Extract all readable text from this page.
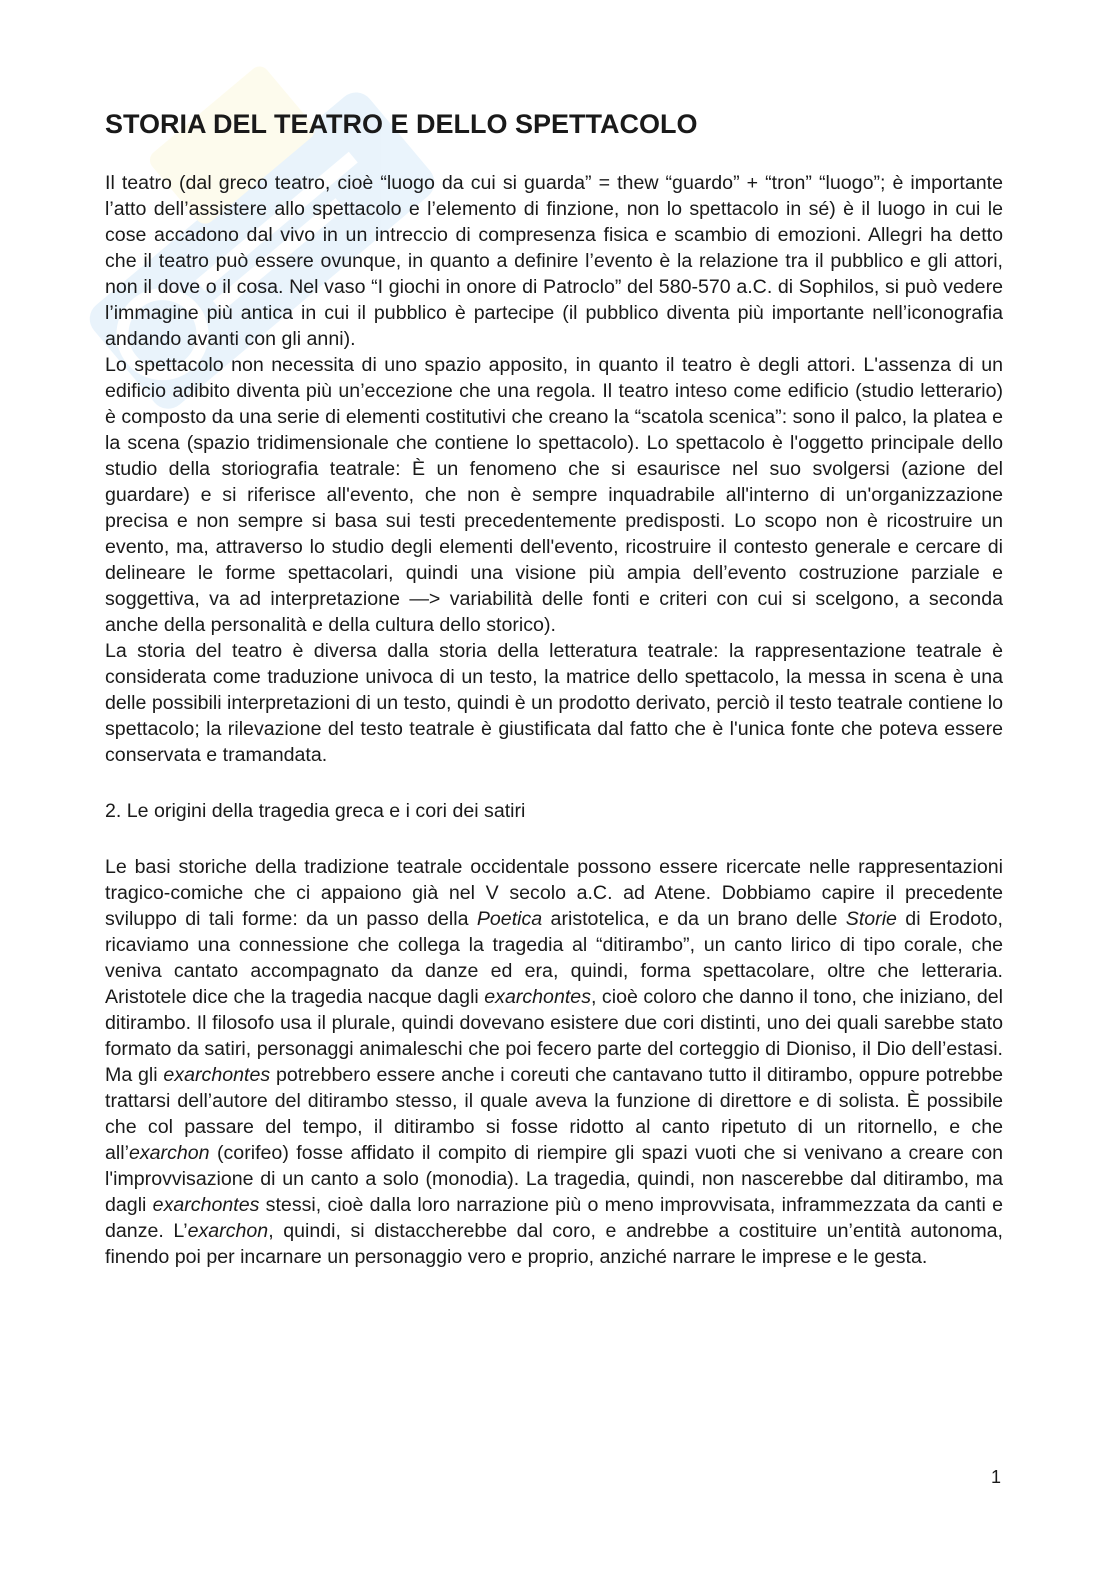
STORIA DEL TEATRO E DELLO SPETTACOLO

Il teatro (dal greco teatro, cioè “luogo da cui si guarda” = thew “guardo” + “tron” “luogo”; è importante l’atto dell’assistere allo spettacolo e l’elemento di finzione, non lo spettacolo in sé) è il luogo in cui le cose accadono dal vivo in un intreccio di compresenza fisica e scambio di emozioni. Allegri ha detto che il teatro può essere ovunque, in quanto a definire l’evento è la relazione tra il pubblico e gli attori, non il dove o il cosa. Nel vaso “I giochi in onore di Patroclo” del 580-570 a.C. di Sophilos, si può vedere l’immagine più antica in cui il pubblico è partecipe (il pubblico diventa più importante nell’iconografia andando avanti con gli anni).

Lo spettacolo non necessita di uno spazio apposito, in quanto il teatro è degli attori. L'assenza di un edificio adibito diventa più un’eccezione che una regola. Il teatro inteso come edificio (studio letterario) è composto da una serie di elementi costitutivi che creano la “scatola scenica”: sono il palco, la platea e la scena (spazio tridimensionale che contiene lo spettacolo). Lo spettacolo è l'oggetto principale dello studio della storiografia teatrale: È un fenomeno che si esaurisce nel suo svolgersi (azione del guardare) e si riferisce all'evento, che non è sempre inquadrabile all'interno di un'organizzazione precisa e non sempre si basa sui testi precedentemente predisposti. Lo scopo non è ricostruire un evento, ma, attraverso lo studio degli elementi dell'evento, ricostruire il contesto generale e cercare di delineare le forme spettacolari, quindi una visione più ampia dell’evento costruzione parziale e soggettiva, va ad interpretazione —> variabilità delle fonti e criteri con cui si scelgono, a seconda anche della personalità e della cultura dello storico).

La storia del teatro è diversa dalla storia della letteratura teatrale: la rappresentazione teatrale è considerata come traduzione univoca di un testo, la matrice dello spettacolo, la messa in scena è una delle possibili interpretazioni di un testo, quindi è un prodotto derivato, perciò il testo teatrale contiene lo spettacolo; la rilevazione del testo teatrale è giustificata dal fatto che è l'unica fonte che poteva essere conservata e tramandata.

2. Le origini della tragedia greca e i cori dei satiri

Le basi storiche della tradizione teatrale occidentale possono essere ricercate nelle rappresentazioni tragico-comiche che ci appaiono già nel V secolo a.C. ad Atene. Dobbiamo capire il precedente sviluppo di tali forme: da un passo della Poetica aristotelica, e da un brano delle Storie di Erodoto, ricaviamo una connessione che collega la tragedia al “ditirambo”, un canto lirico di tipo corale, che veniva cantato accompagnato da danze ed era, quindi, forma spettacolare, oltre che letteraria. Aristotele dice che la tragedia nacque dagli exarchontes, cioè coloro che danno il tono, che iniziano, del ditirambo. Il filosofo usa il plurale, quindi dovevano esistere due cori distinti, uno dei quali sarebbe stato formato da satiri, personaggi animaleschi che poi fecero parte del corteggio di Dioniso, il Dio dell’estasi. Ma gli exarchontes potrebbero essere anche i coreuti che cantavano tutto il ditirambo, oppure potrebbe trattarsi dell’autore del ditirambo stesso, il quale aveva la funzione di direttore e di solista. È possibile che col passare del tempo, il ditirambo si fosse ridotto al canto ripetuto di un ritornello, e che all’exarchon (corifeo) fosse affidato il compito di riempire gli spazi vuoti che si venivano a creare con l'improvvisazione di un canto a solo (monodia). La tragedia, quindi, non nascerebbe dal ditirambo, ma dagli exarchontes stessi, cioè dalla loro narrazione più o meno improvvisata, inframmezzata da canti e danze. L’exarchon, quindi, si distaccherebbe dal coro, e andrebbe a costituire un’entità autonoma, finendo poi per incarnare un personaggio vero e proprio, anziché narrare le imprese e le gesta.

1
